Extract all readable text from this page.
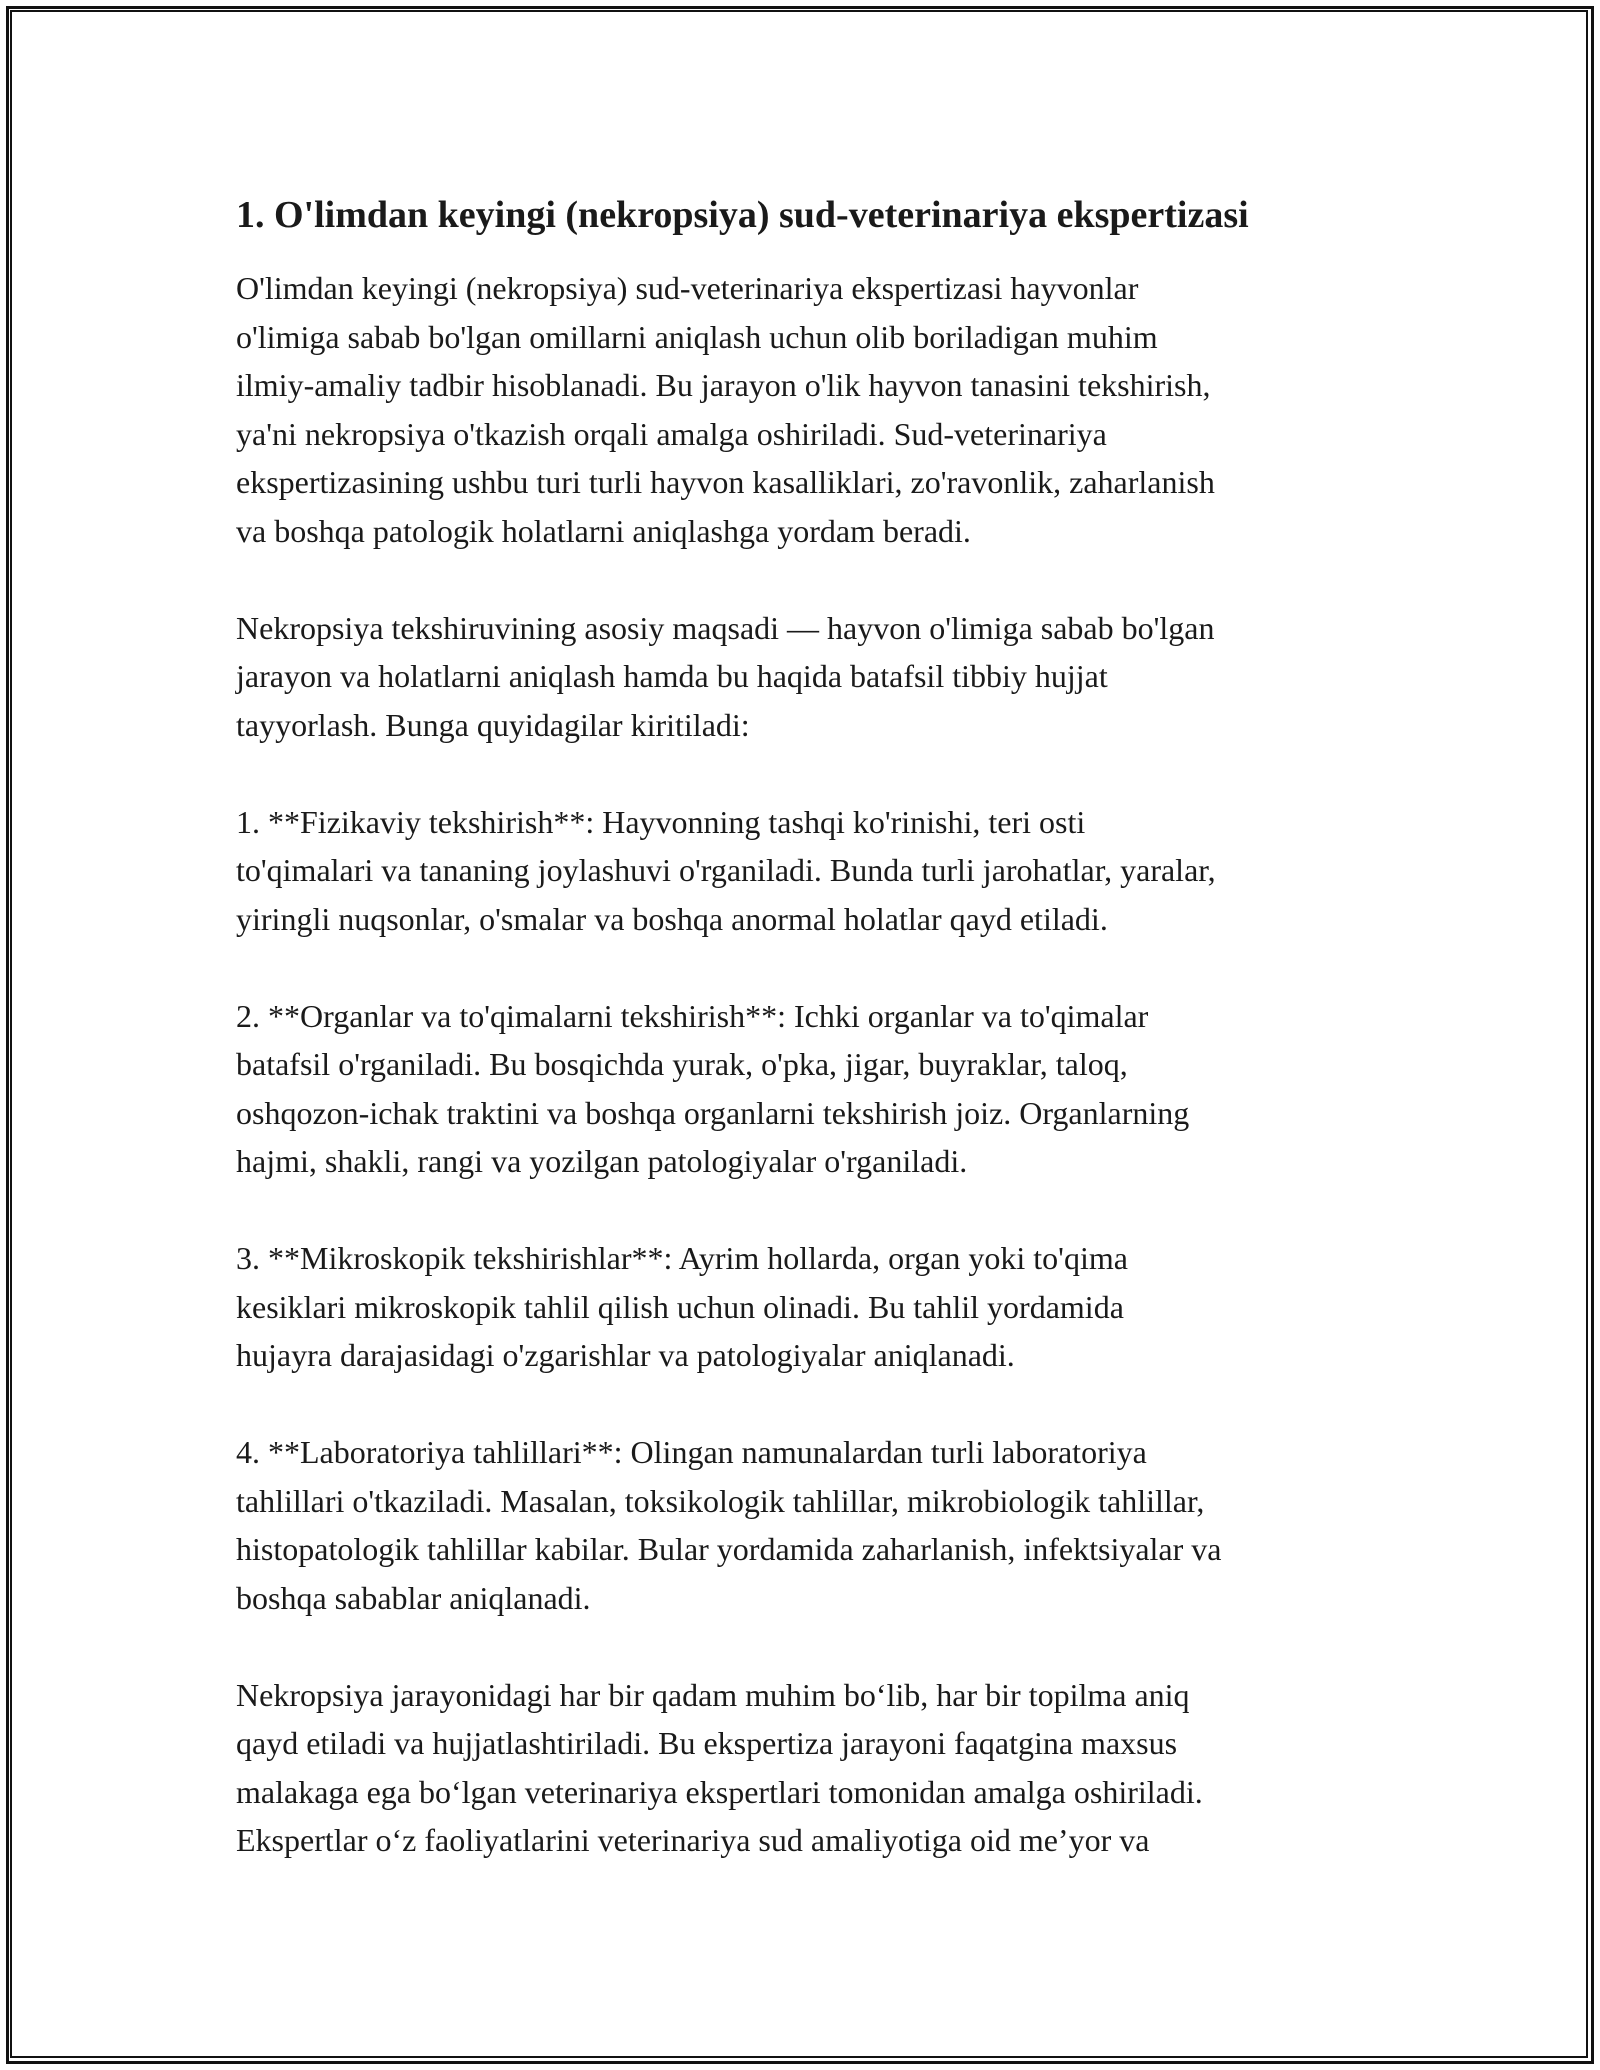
1. O'limdan keyingi (nekropsiya) sud-veterinariya ekspertizasi

O'limdan keyingi (nekropsiya) sud-veterinariya ekspertizasi hayvonlar
o'limiga sabab bo'lgan omillarni aniqlash uchun olib boriladigan muhim
ilmiy-amaliy tadbir hisoblanadi. Bu jarayon o'lik hayvon tanasini tekshirish,
ya'ni nekropsiya o'tkazish orqali amalga oshiriladi. Sud-veterinariya
ekspertizasining ushbu turi turli hayvon kasalliklari, zo'ravonlik, zaharlanish
va boshqa patologik holatlarni aniqlashga yordam beradi.

Nekropsiya tekshiruvining asosiy maqsadi — hayvon o'limiga sabab bo'lgan
jarayon va holatlarni aniqlash hamda bu haqida batafsil tibbiy hujjat
tayyorlash. Bunga quyidagilar kiritiladi:

1. **Fizikaviy tekshirish**: Hayvonning tashqi ko'rinishi, teri osti
to'qimalari va tananing joylashuvi o'rganiladi. Bunda turli jarohatlar, yaralar,
yiringli nuqsonlar, o'smalar va boshqa anormal holatlar qayd etiladi.

2. **Organlar va to'qimalarni tekshirish**: Ichki organlar va to'qimalar
batafsil o'rganiladi. Bu bosqichda yurak, o'pka, jigar, buyraklar, taloq,
oshqozon-ichak traktini va boshqa organlarni tekshirish joiz. Organlarning
hajmi, shakli, rangi va yozilgan patologiyalar o'rganiladi.

3. **Mikroskopik tekshirishlar**: Ayrim hollarda, organ yoki to'qima
kesiklari mikroskopik tahlil qilish uchun olinadi. Bu tahlil yordamida
hujayra darajasidagi o'zgarishlar va patologiyalar aniqlanadi.

4. **Laboratoriya tahlillari**: Olingan namunalardan turli laboratoriya
tahlillari o'tkaziladi. Masalan, toksikologik tahlillar, mikrobiologik tahlillar,
histopatologik tahlillar kabilar. Bular yordamida zaharlanish, infektsiyalar va
boshqa sabablar aniqlanadi.

Nekropsiya jarayonidagi har bir qadam muhim bo‘lib, har bir topilma aniq
qayd etiladi va hujjatlashtiriladi. Bu ekspertiza jarayoni faqatgina maxsus
malakaga ega bo‘lgan veterinariya ekspertlari tomonidan amalga oshiriladi.
Ekspertlar o‘z faoliyatlarini veterinariya sud amaliyotiga oid me’yor va
